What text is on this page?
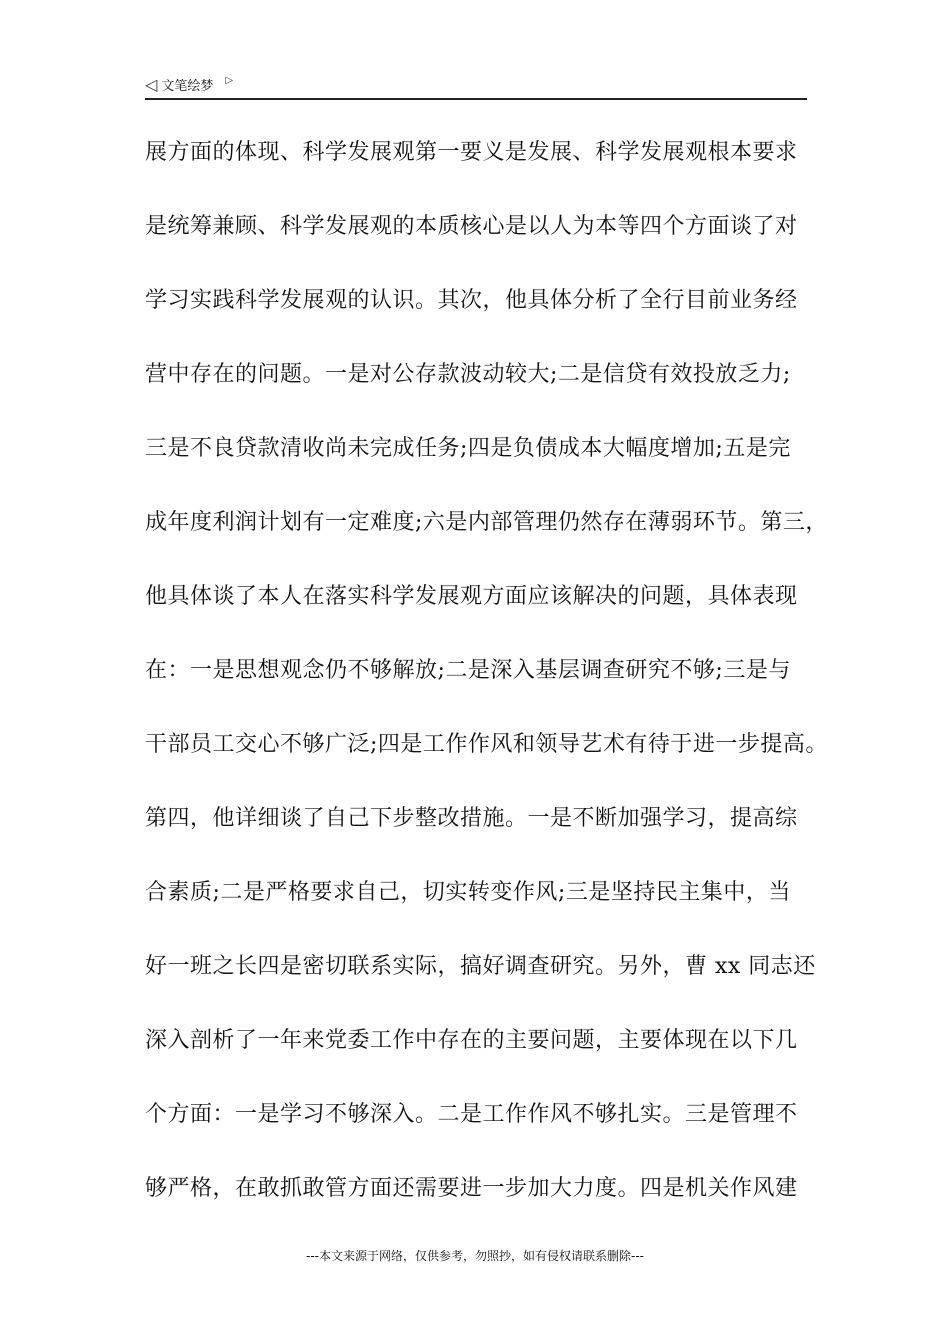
◁ 文笔绘梦 ▷
展方面的体现、科学发展观第一要义是发展、科学发展观根本要求
是统筹兼顾、科学发展观的本质核心是以人为本等四个方面谈了对
学习实践科学发展观的认识。其次，他具体分析了全行目前业务经
营中存在的问题。一是对公存款波动较大;二是信贷有效投放乏力;
三是不良贷款清收尚未完成任务;四是负债成本大幅度增加;五是完
成年度利润计划有一定难度;六是内部管理仍然存在薄弱环节。第三，
他具体谈了本人在落实科学发展观方面应该解决的问题，具体表现
在：一是思想观念仍不够解放;二是深入基层调查研究不够;三是与
干部员工交心不够广泛;四是工作作风和领导艺术有待于进一步提高。
第四，他详细谈了自己下步整改措施。一是不断加强学习，提高综
合素质;二是严格要求自己，切实转变作风;三是坚持民主集中，当
好一班之长四是密切联系实际，搞好调查研究。另外，曹 xx 同志还
深入剖析了一年来党委工作中存在的主要问题，主要体现在以下几
个方面：一是学习不够深入。二是工作作风不够扎实。三是管理不
够严格，在敢抓敢管方面还需要进一步加大力度。四是机关作风建
---本文来源于网络，仅供参考，勿照抄，如有侵权请联系删除---
